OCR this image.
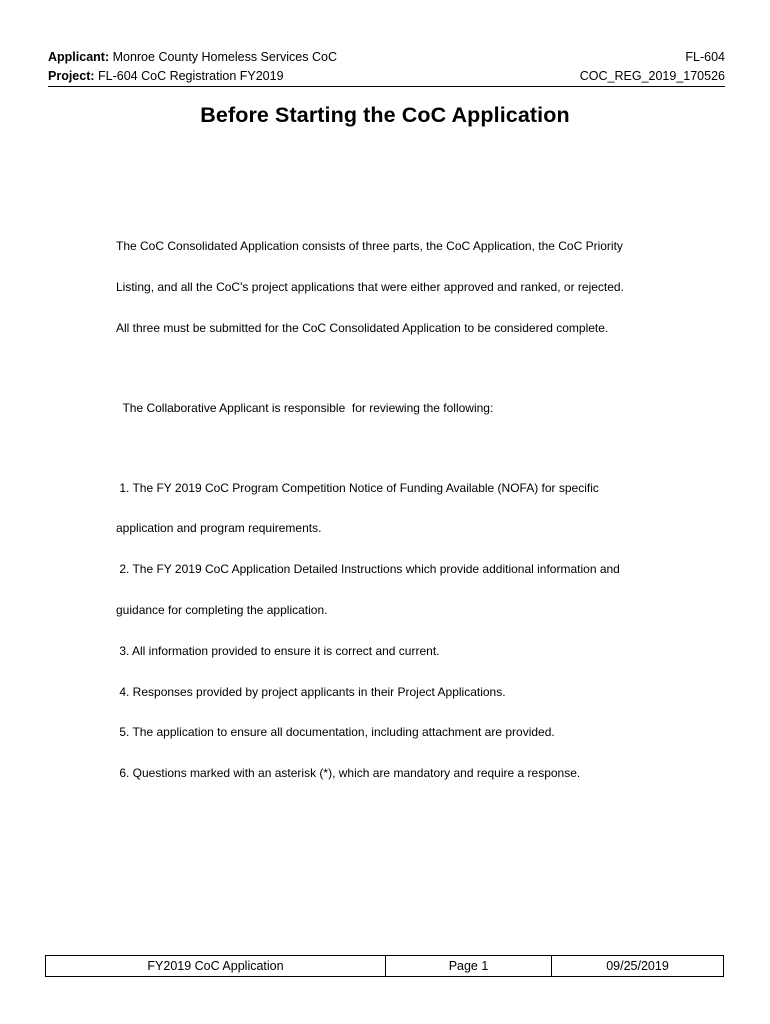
Applicant: Monroe County Homeless Services CoC	FL-604
Project: FL-604 CoC Registration FY2019	COC_REG_2019_170526
Before Starting the CoC Application

The CoC Consolidated Application consists of three parts, the CoC Application, the CoC Priority

Listing, and all the CoC's project applications that were either approved and ranked, or rejected.

All three must be submitted for the CoC Consolidated Application to be considered complete.

The Collaborative Applicant is responsible  for reviewing the following:

1. The FY 2019 CoC Program Competition Notice of Funding Available (NOFA) for specific

application and program requirements.

2. The FY 2019 CoC Application Detailed Instructions which provide additional information and

guidance for completing the application.

3. All information provided to ensure it is correct and current.

4. Responses provided by project applicants in their Project Applications.

5. The application to ensure all documentation, including attachment are provided.

6. Questions marked with an asterisk (*), which are mandatory and require a response.

FY2019 CoC Application	Page 1	09/25/2019
